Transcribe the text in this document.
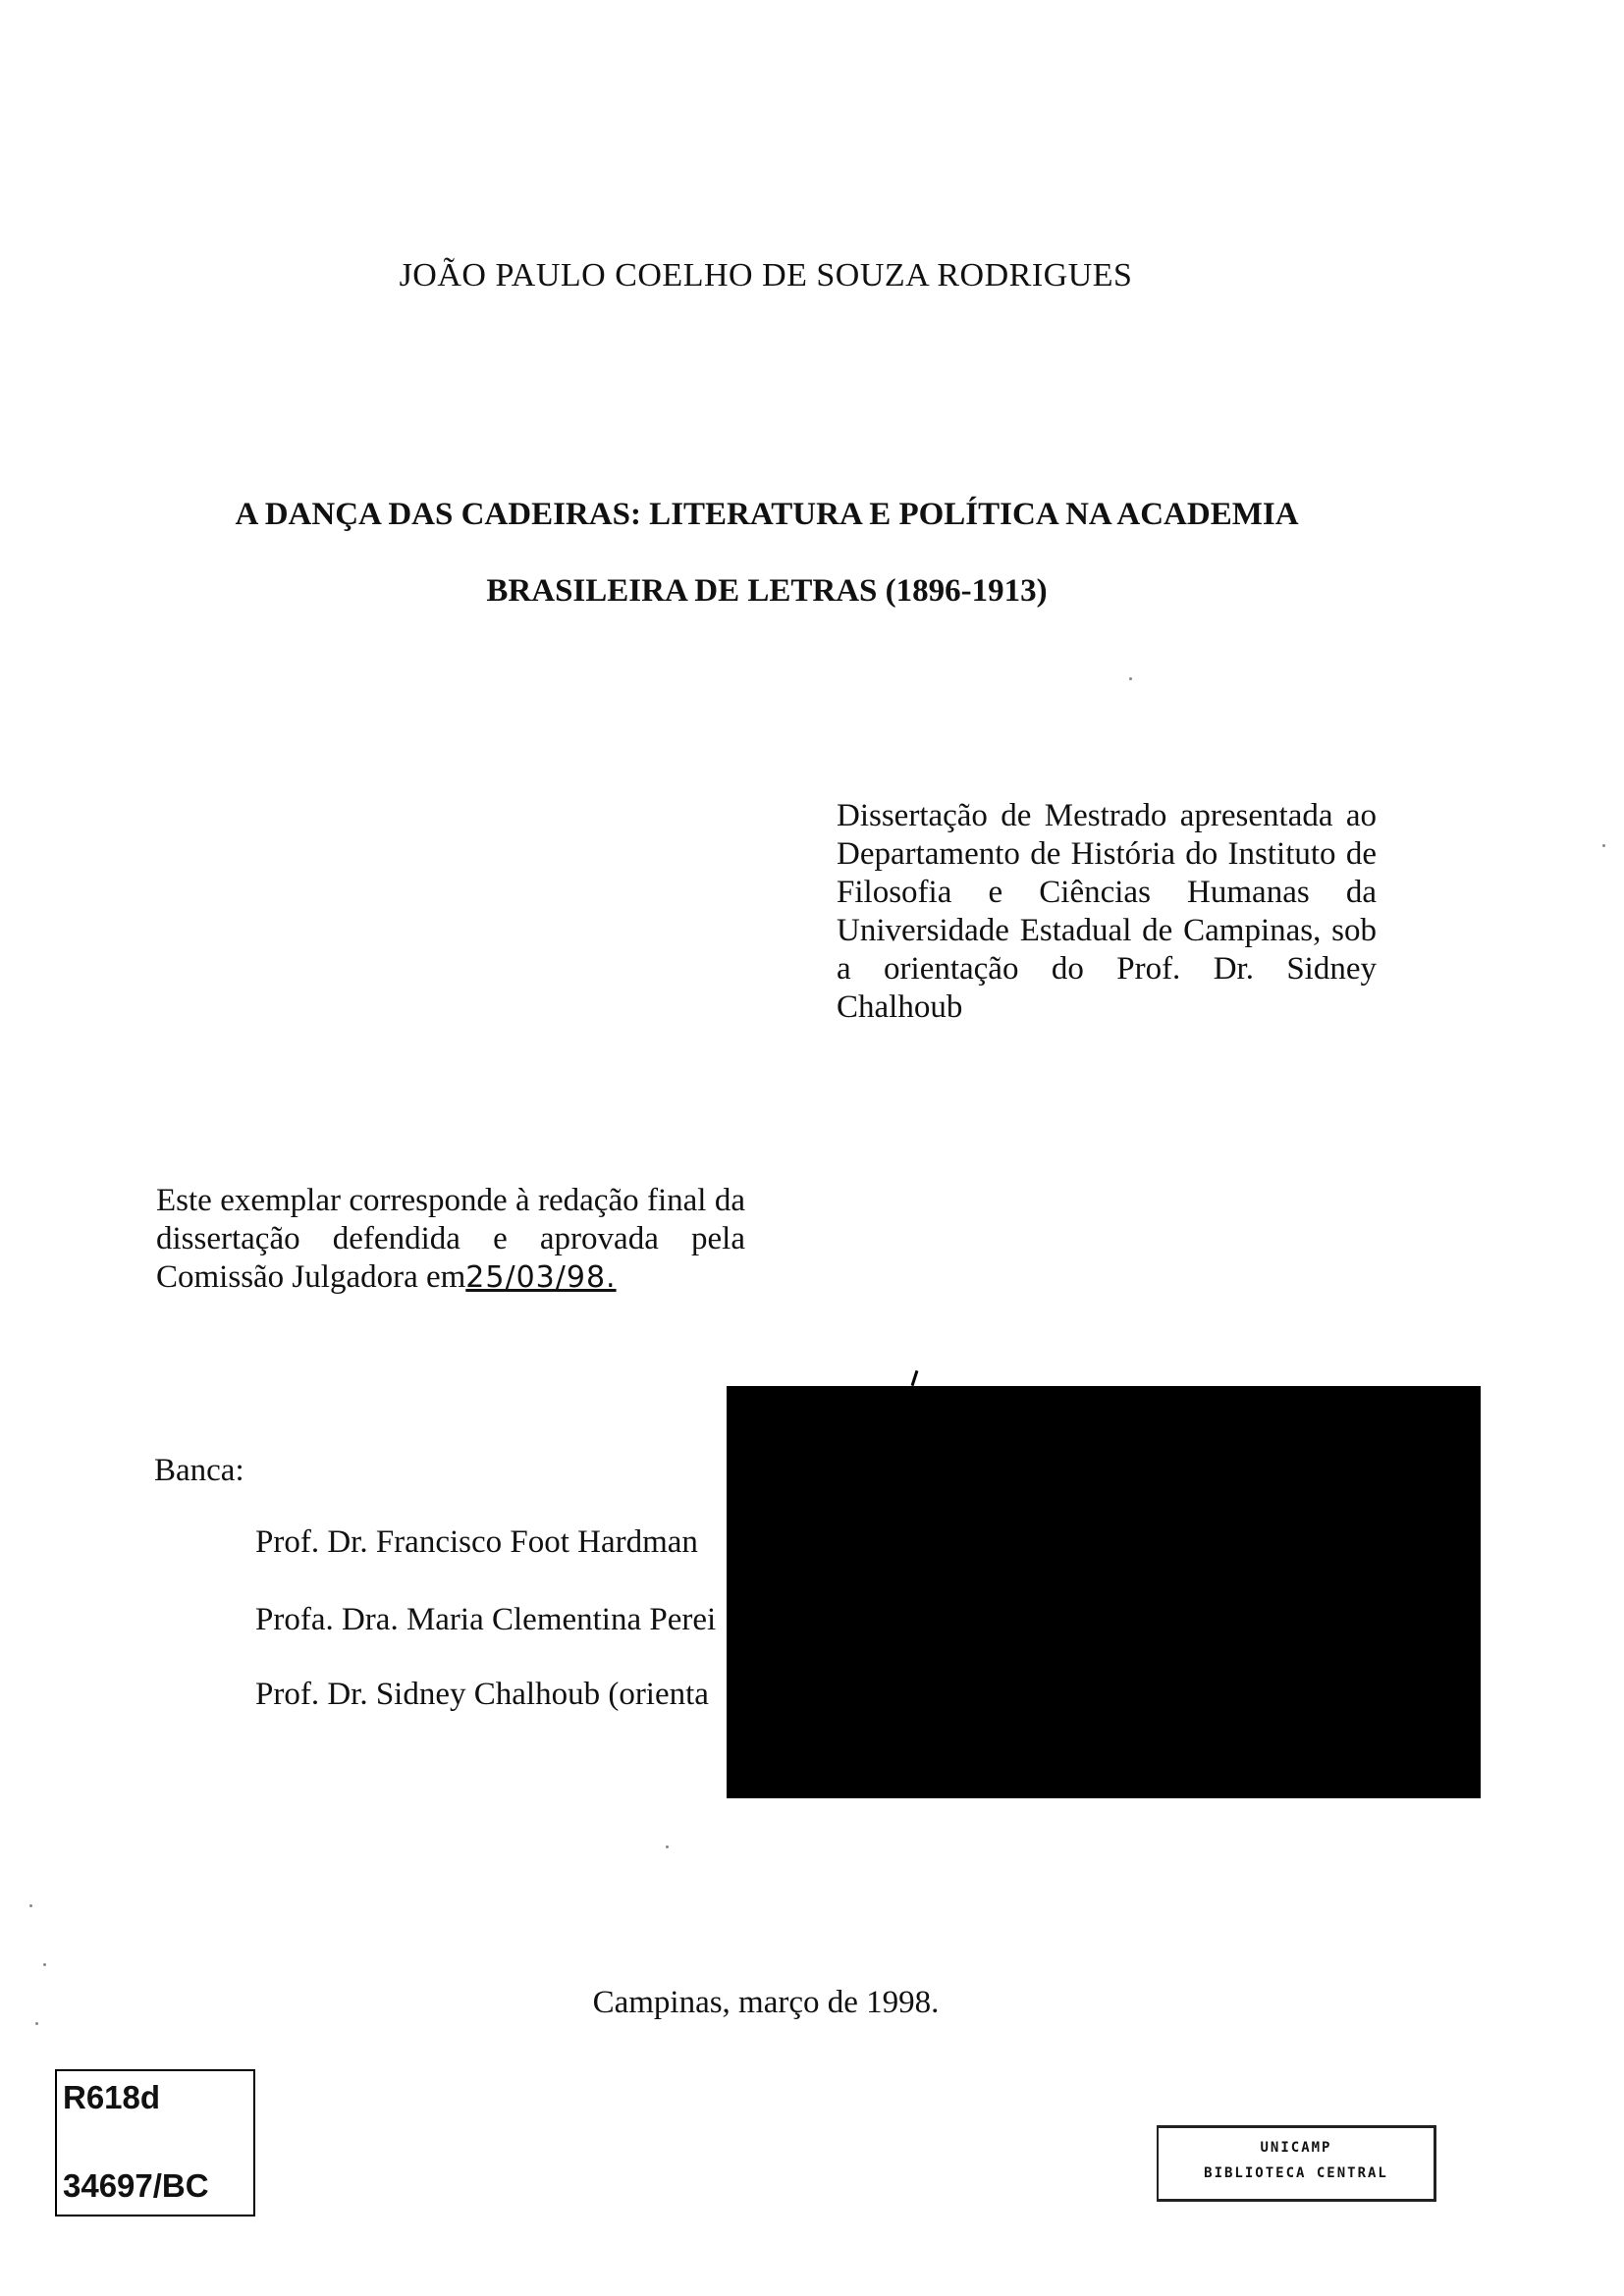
JOÃO PAULO COELHO DE SOUZA RODRIGUES
A DANÇA DAS CADEIRAS: LITERATURA E POLÍTICA NA ACADEMIA
BRASILEIRA DE LETRAS (1896-1913)
Dissertação de Mestrado apresentada ao Departamento de História do Instituto de Filosofia e Ciências Humanas da Universidade Estadual de Campinas, sob a orientação do Prof. Dr. Sidney Chalhoub
Este exemplar corresponde à redação final da dissertação defendida e aprovada pela Comissão Julgadora em25/03/98.
Banca:
Prof. Dr. Francisco Foot Hardman
Profa. Dra. Maria Clementina Perei
Prof. Dr. Sidney Chalhoub (orienta
Campinas, março de 1998.
R618d
34697/BC
UNICAMP
BIBLIOTECA CENTRAL
